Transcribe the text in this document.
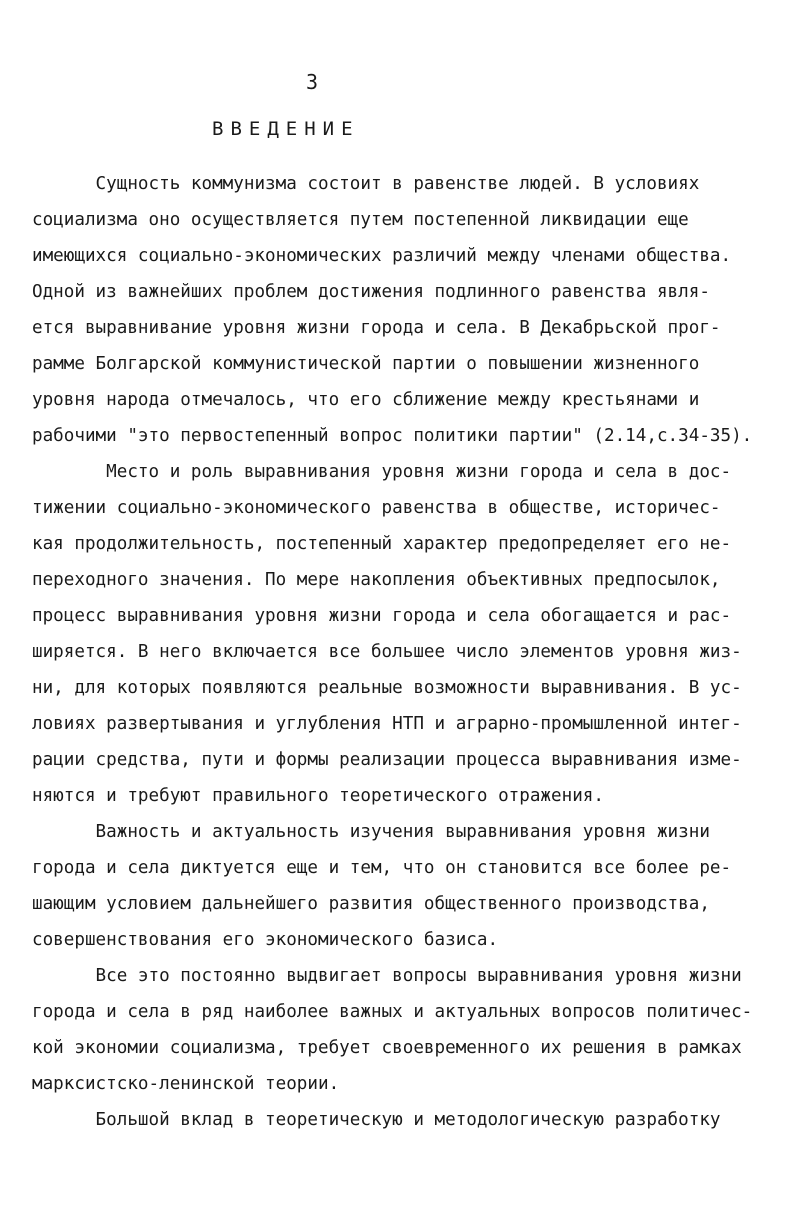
3
ВВЕДЕНИЕ
Сущность коммунизма состоит в равенстве людей. В условиях
социализма оно осуществляется путем постепенной ликвидации еще
имеющихся социально-экономических различий между членами общества.
Одной из важнейших проблем достижения подлинного равенства явля-
ется выравнивание уровня жизни города и села. В Декабрьской прог-
рамме Болгарской коммунистической партии о повышении жизненного
уровня народа отмечалось, что его сближение между крестьянами и
рабочими "это первостепенный вопрос политики партии" (2.14,с.34-35).
Место и роль выравнивания уровня жизни города и села в дос-
тижении социально-экономического равенства в обществе, историчес-
кая продолжительность, постепенный характер предопределяет его не-
переходного значения. По мере накопления объективных предпосылок,
процесс выравнивания уровня жизни города и села обогащается и рас-
ширяется. В него включается все большее число элементов уровня жиз-
ни, для которых появляются реальные возможности выравнивания. В ус-
ловиях развертывания и углубления НТП и аграрно-промышленной интег-
рации средства, пути и формы реализации процесса выравнивания изме-
няются и требуют правильного теоретического отражения.
Важность и актуальность изучения выравнивания уровня жизни
города и села диктуется еще и тем, что он становится все более ре-
шающим условием дальнейшего развития общественного производства,
совершенствования его экономического базиса.
Все это постоянно выдвигает вопросы выравнивания уровня жизни
города и села в ряд наиболее важных и актуальных вопросов политичес-
кой экономии социализма, требует своевременного их решения в рамках
марксистско-ленинской теории.
Большой вклад в теоретическую и методологическую разработку
